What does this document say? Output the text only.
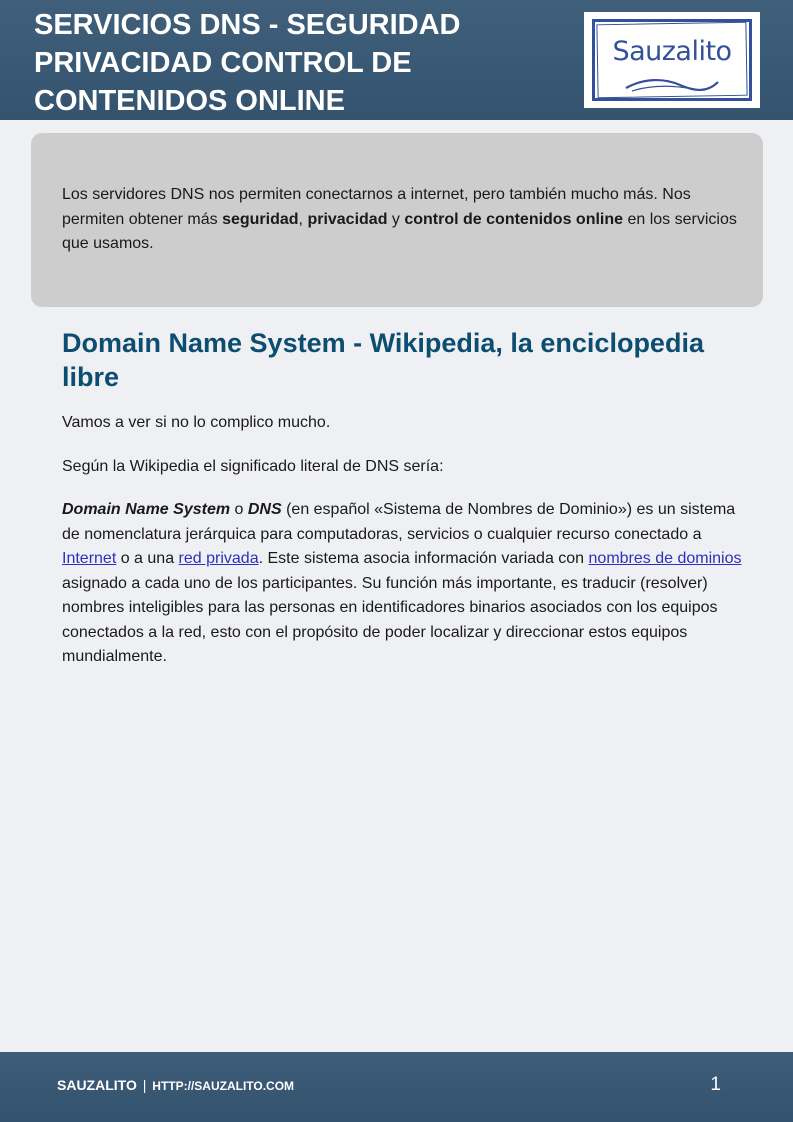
SERVICIOS DNS - SEGURIDAD PRIVACIDAD CONTROL DE CONTENIDOS ONLINE
Sauzalito

Los servidores DNS nos permiten conectarnos a internet, pero también mucho más. Nos permiten obtener más seguridad, privacidad y control de contenidos online en los servicios que usamos.

Domain Name System - Wikipedia, la enciclopedia libre

Vamos a ver si no lo complico mucho.

Según la Wikipedia el significado literal de DNS sería:

Domain Name System o DNS (en español «Sistema de Nombres de Dominio») es un sistema de nomenclatura jerárquica para computadoras, servicios o cualquier recurso conectado a Internet o a una red privada. Este sistema asocia información variada con nombres de dominios asignado a cada uno de los participantes. Su función más importante, es traducir (resolver) nombres inteligibles para las personas en identificadores binarios asociados con los equipos conectados a la red, esto con el propósito de poder localizar y direccionar estos equipos mundialmente.

SAUZALITO | HTTP://SAUZALITO.COM	1
